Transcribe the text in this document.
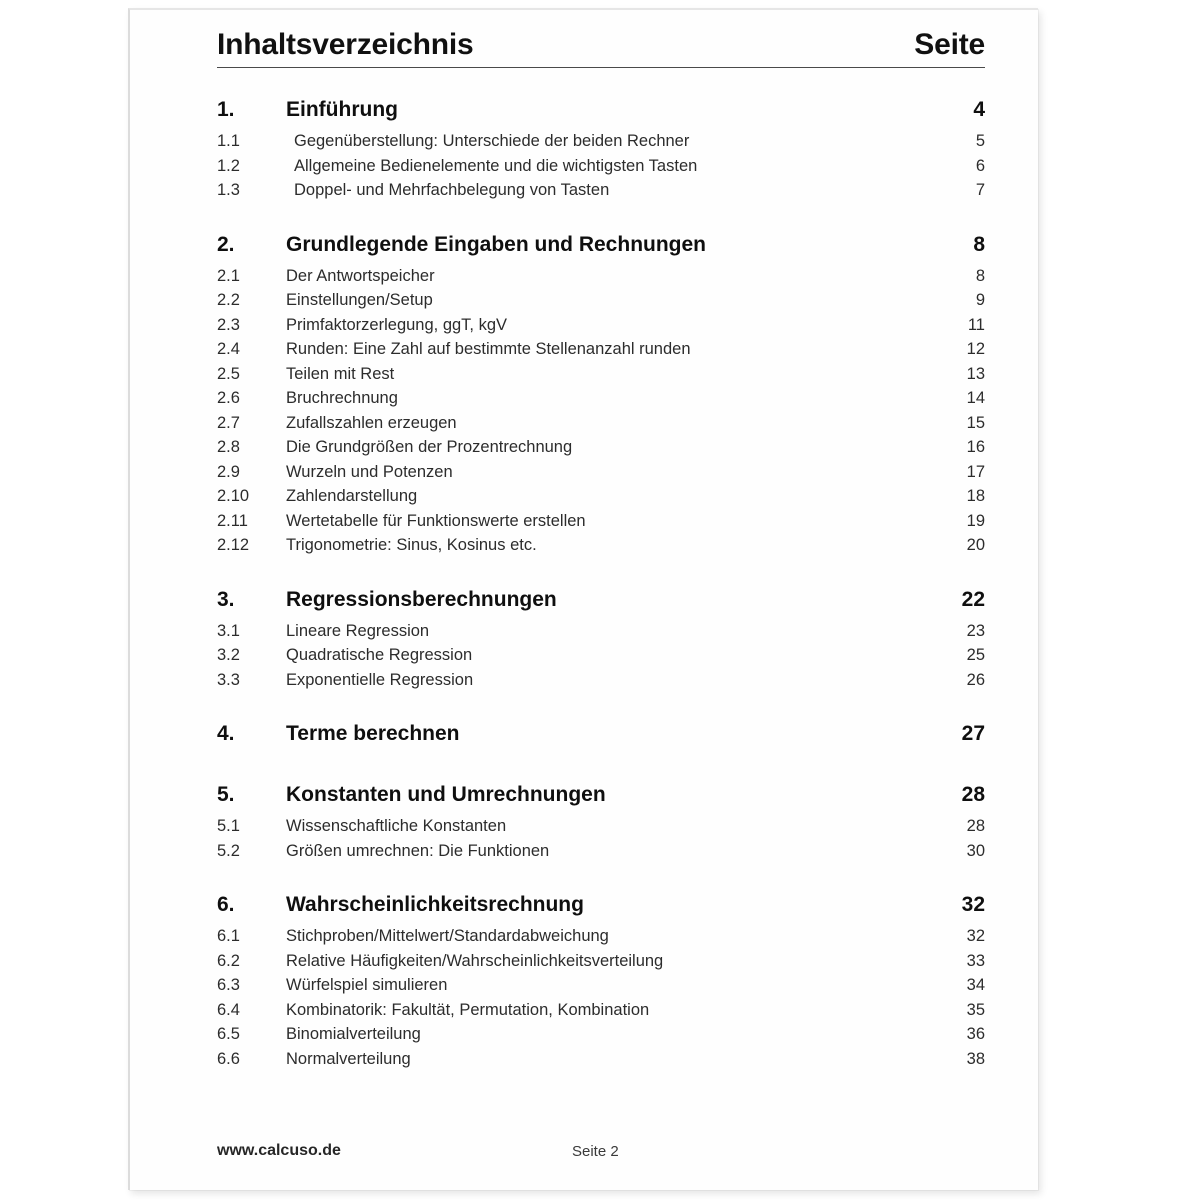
Inhaltsverzeichnis	Seite
1.	Einführung	4
1.1	Gegenüberstellung: Unterschiede der beiden Rechner	5
1.2	Allgemeine Bedienelemente und die wichtigsten Tasten	6
1.3	Doppel- und Mehrfachbelegung von Tasten	7
2.	Grundlegende Eingaben und Rechnungen	8
2.1	Der Antwortspeicher	8
2.2	Einstellungen/Setup	9
2.3	Primfaktorzerlegung, ggT, kgV	11
2.4	Runden: Eine Zahl auf bestimmte Stellenanzahl runden	12
2.5	Teilen mit Rest	13
2.6	Bruchrechnung	14
2.7	Zufallszahlen erzeugen	15
2.8	Die Grundgrößen der Prozentrechnung	16
2.9	Wurzeln und Potenzen	17
2.10	Zahlendarstellung	18
2.11	Wertetabelle für Funktionswerte erstellen	19
2.12	Trigonometrie: Sinus, Kosinus etc.	20
3.	Regressionsberechnungen	22
3.1	Lineare Regression	23
3.2	Quadratische Regression	25
3.3	Exponentielle Regression	26
4.	Terme berechnen	27
5.	Konstanten und Umrechnungen	28
5.1	Wissenschaftliche Konstanten	28
5.2	Größen umrechnen: Die Funktionen	30
6.	Wahrscheinlichkeitsrechnung	32
6.1	Stichproben/Mittelwert/Standardabweichung	32
6.2	Relative Häufigkeiten/Wahrscheinlichkeitsverteilung	33
6.3	Würfelspiel simulieren	34
6.4	Kombinatorik: Fakultät, Permutation, Kombination	35
6.5	Binomialverteilung	36
6.6	Normalverteilung	38
www.calcuso.de	Seite 2
